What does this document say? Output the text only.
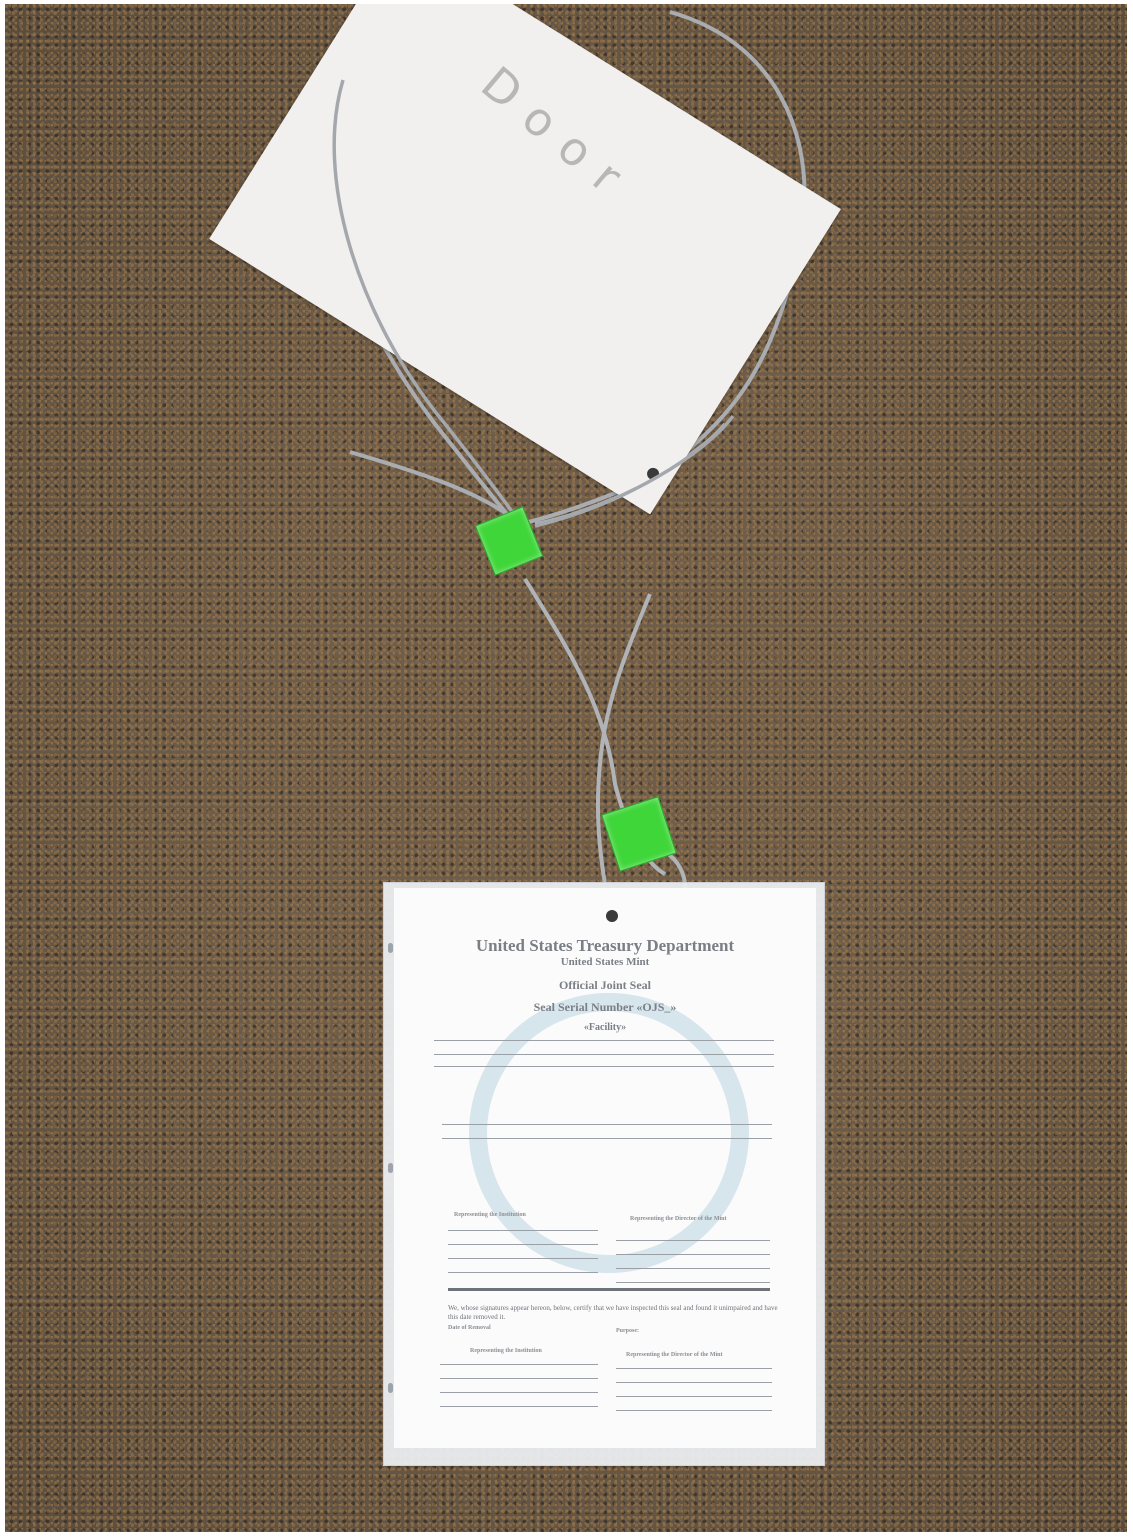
Door
United States Treasury Department
United States Mint
Official Joint Seal
Seal Serial Number «OJS_»
«Facility»
Representing the Institution
Representing the Director of the Mint
We, whose signatures appear hereon, below, certify that we have inspected this seal and found it unimpaired and have this date removed it.
Date of Removal	Purpose:
Representing the Institution
Representing the Director of the Mint
